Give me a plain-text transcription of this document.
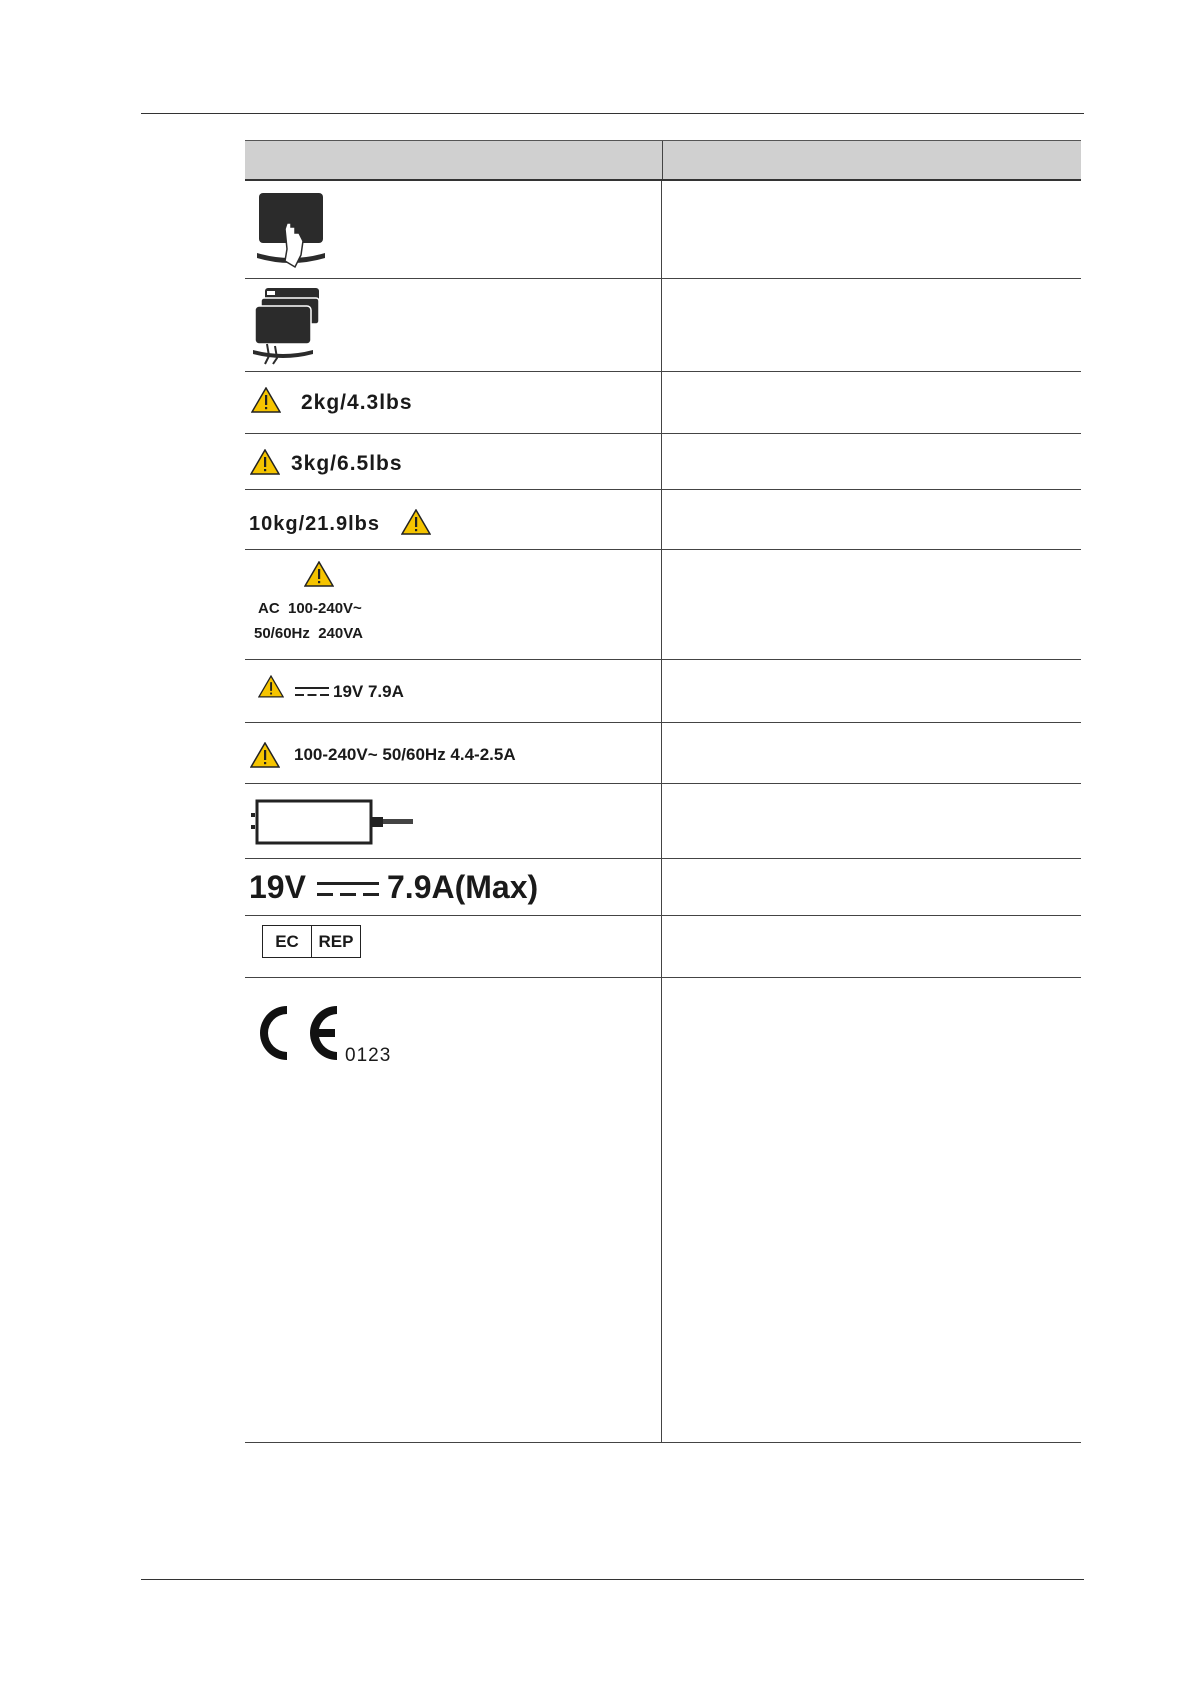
2kg/4.3lbs
3kg/6.5lbs
10kg/21.9lbs
AC  100-240V~
50/60Hz  240VA
19V 7.9A
100-240V~ 50/60Hz 4.4-2.5A
19V	7.9A(Max)
EC	REP
0123
